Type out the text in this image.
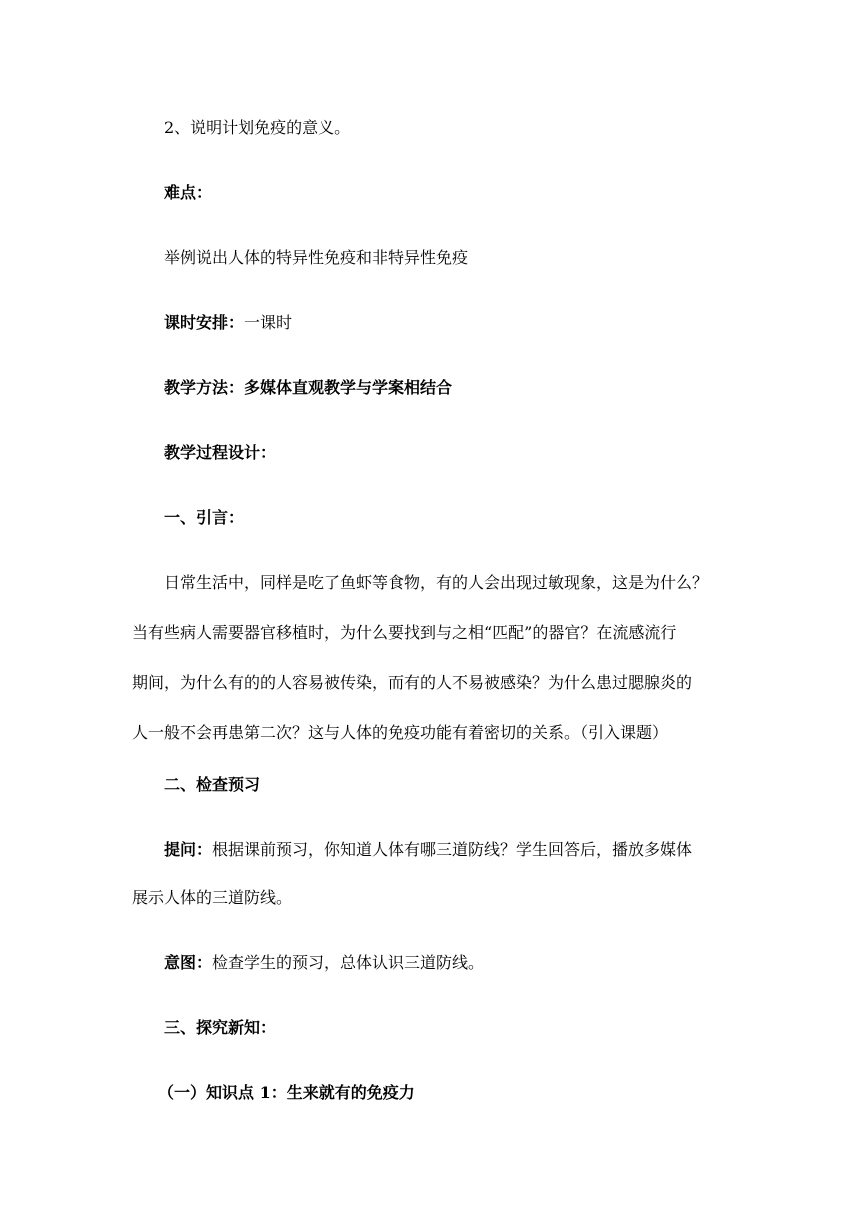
2、说明计划免疫的意义。
难点：
举例说出人体的特异性免疫和非特异性免疫
课时安排：一课时
教学方法：多媒体直观教学与学案相结合
教学过程设计：
一、引言：
日常生活中，同样是吃了鱼虾等食物，有的人会出现过敏现象，这是为什么？
当有些病人需要器官移植时，为什么要找到与之相“匹配”的器官？在流感流行
期间，为什么有的的人容易被传染，而有的人不易被感染？为什么患过腮腺炎的
人一般不会再患第二次？这与人体的免疫功能有着密切的关系。（引入课题）
二、检查预习
提问：根据课前预习，你知道人体有哪三道防线？学生回答后，播放多媒体
展示人体的三道防线。
意图：检查学生的预习，总体认识三道防线。
三、探究新知：
（一）知识点 1：生来就有的免疫力
